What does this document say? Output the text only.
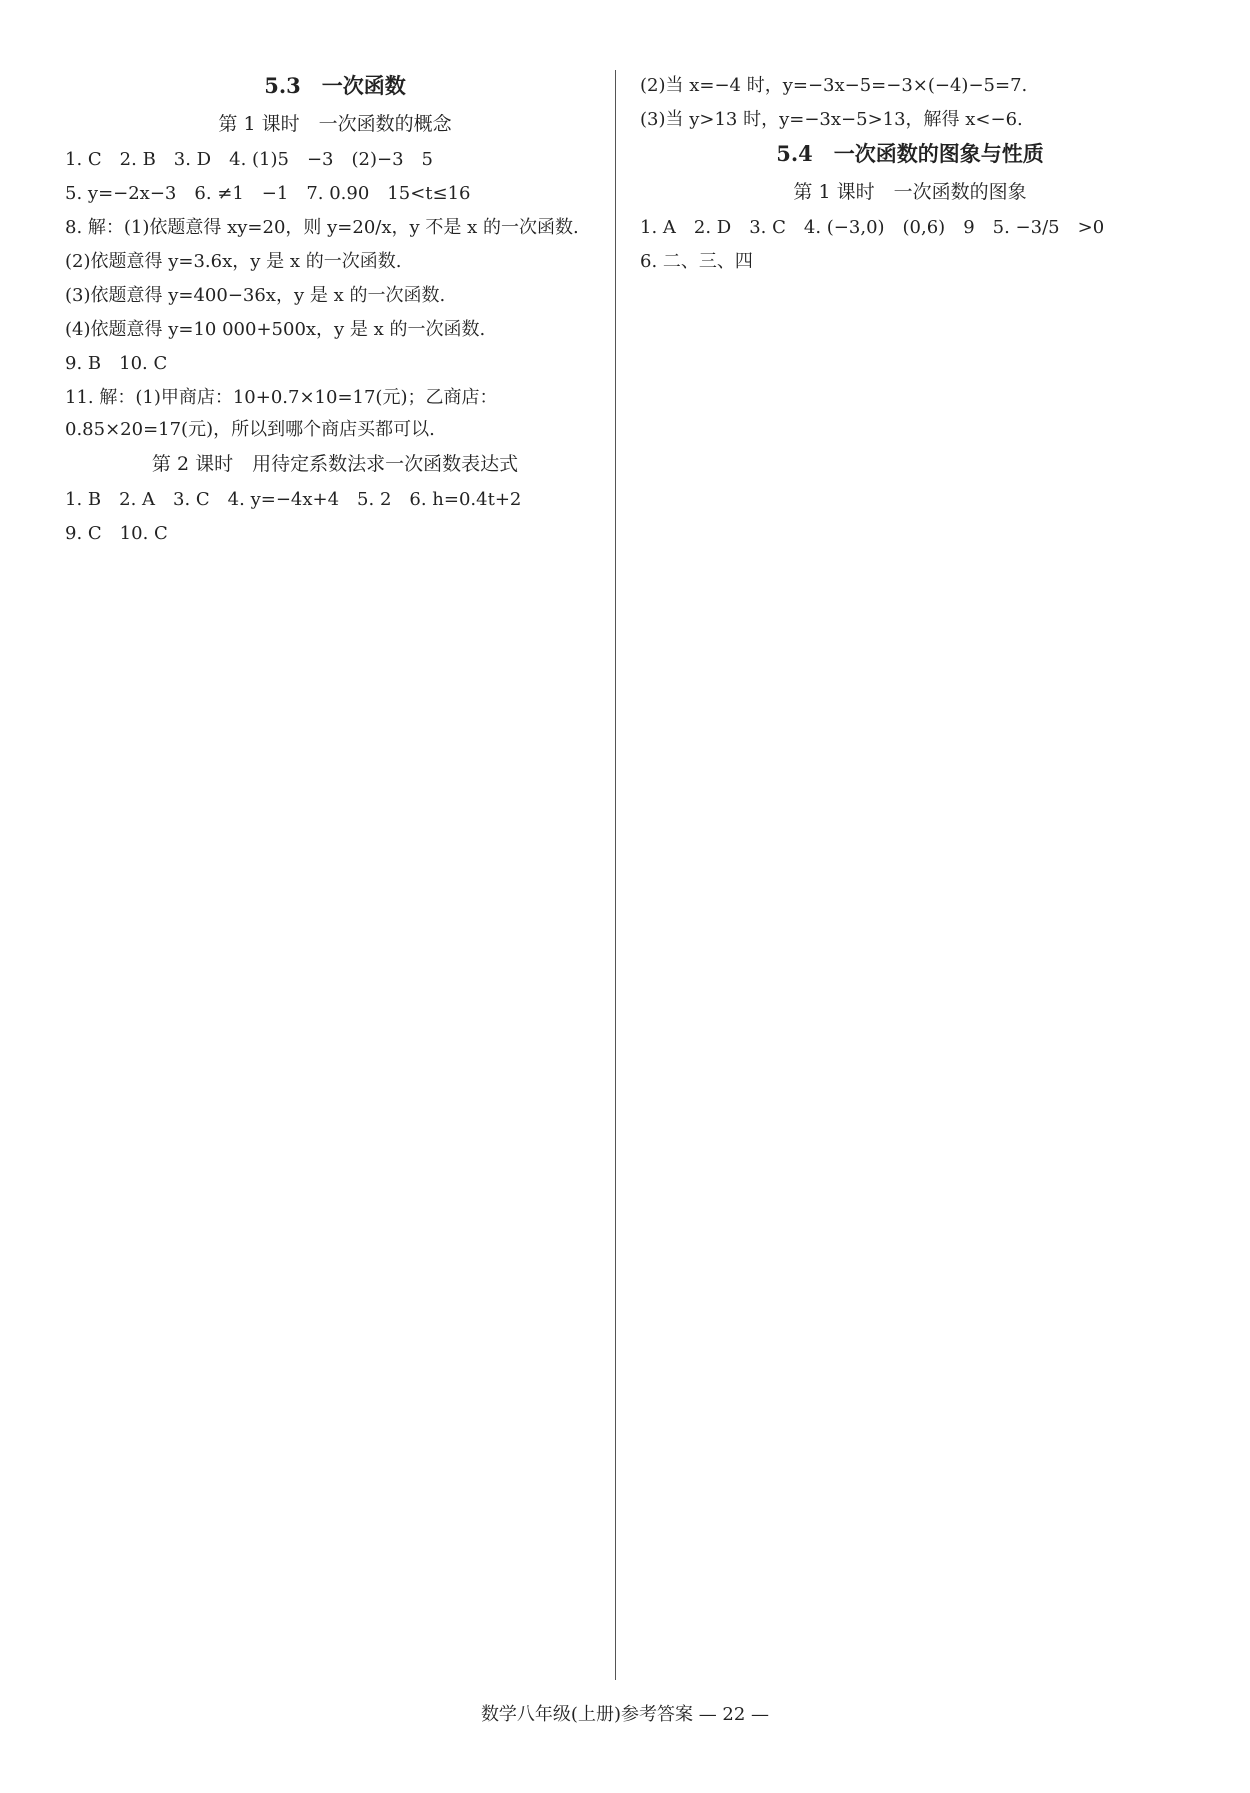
5.3　一次函数
第 1 课时　一次函数的概念

1. C　2. B　3. D　4. (1)5　−3　(2)−3　5

5. y=−2x−3　6. ≠1　−1　7. 0.90　15<t≤16

8. 解：(1)依题意得 xy=20，则 y=20/x，y 不是 x 的一次函数.

(2)依题意得 y=3.6x，y 是 x 的一次函数.

(3)依题意得 y=400−36x，y 是 x 的一次函数.

(4)依题意得 y=10 000+500x，y 是 x 的一次函数.

9. B　10. C

11. 解：(1)甲商店：10+0.7×10=17(元)；乙商店：0.85×20=17(元)，所以到哪个商店买都可以.

第 2 课时　用待定系数法求一次函数表达式

1. B　2. A　3. C　4. y=−4x+4　5. 2　6. h=0.4t+2

9. C　10. C

(2)当 x=−4 时，y=−3x−5=−3×(−4)−5=7.

(3)当 y>13 时，y=−3x−5>13，解得 x<−6.

5.4　一次函数的图象与性质
第 1 课时　一次函数的图象

1. A　2. D　3. C　4. (−3,0)　(0,6)　9　5. −3/5　>0

6. 二、三、四

数学八年级(上册)参考答案 — 22 —
